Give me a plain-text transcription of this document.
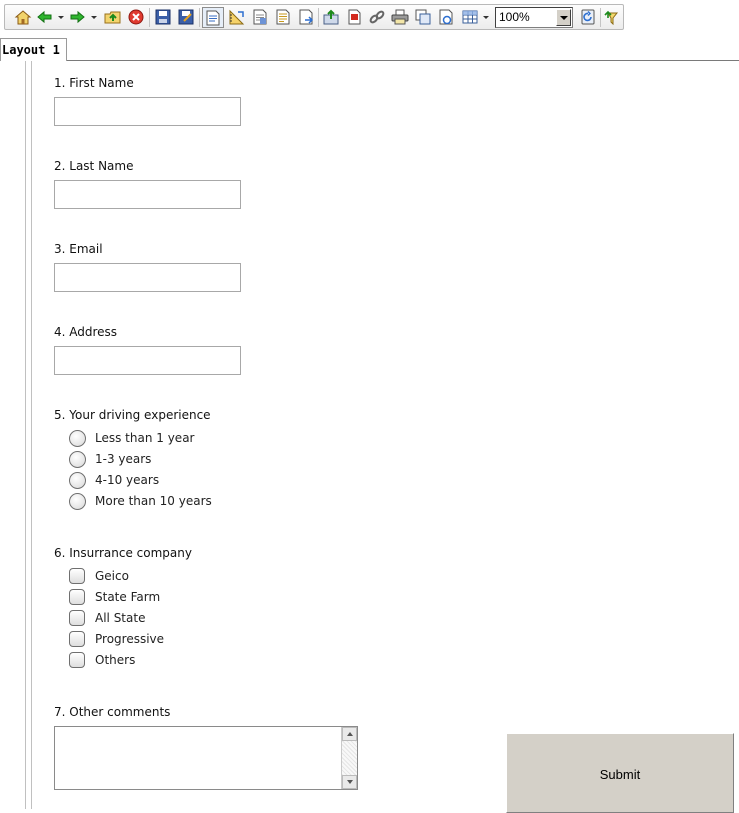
100%
Layout 1
1. First Name
2. Last Name
3. Email
4. Address
5. Your driving experience
Less than 1 year
1-3 years
4-10 years
More than 10 years
6. Insurrance company
Geico
State Farm
All State
Progressive
Others
7. Other comments
Submit
